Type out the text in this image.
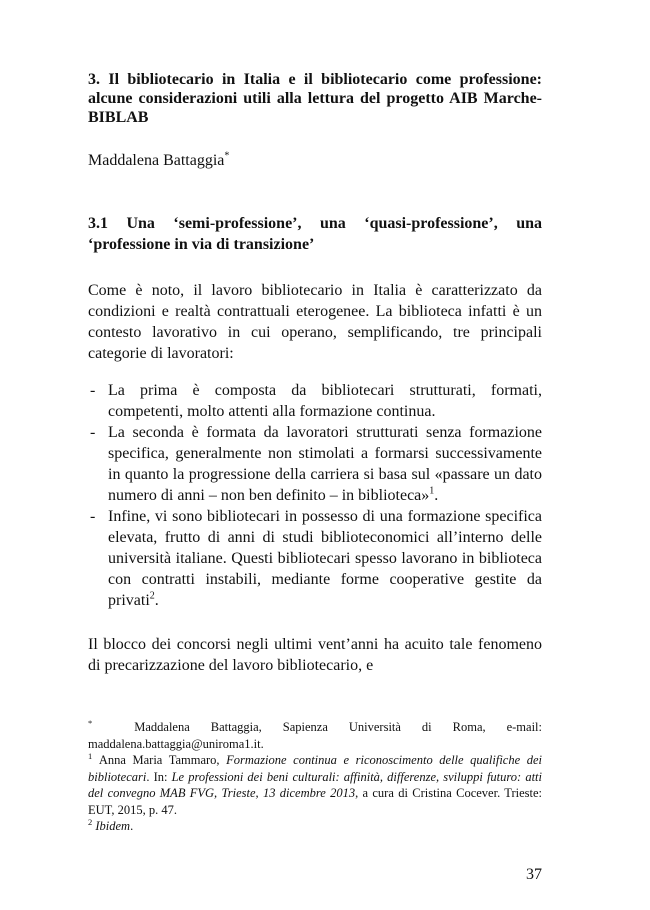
3. Il bibliotecario in Italia e il bibliotecario come professione: alcune considerazioni utili alla lettura del progetto AIB Marche-BIBLAB

Maddalena Battaggia*

3.1 Una ‘semi-professione’, una ‘quasi-professione’, una ‘professione in via di transizione’

Come è noto, il lavoro bibliotecario in Italia è caratterizzato da condizioni e realtà contrattuali eterogenee. La biblioteca infatti è un contesto lavorativo in cui operano, semplificando, tre principali categorie di lavoratori:

- La prima è composta da bibliotecari strutturati, formati, competenti, molto attenti alla formazione continua.
- La seconda è formata da lavoratori strutturati senza formazione specifica, generalmente non stimolati a formarsi successivamente in quanto la progressione della carriera si basa sul «passare un dato numero di anni – non ben definito – in biblioteca»$^1$.
- Infine, vi sono bibliotecari in possesso di una formazione specifica elevata, frutto di anni di studi biblioteconomici all’interno delle università italiane. Questi bibliotecari spesso lavorano in biblioteca con contratti instabili, mediante forme cooperative gestite da privati$^2$.

Il blocco dei concorsi negli ultimi vent’anni ha acuito tale fenomeno di precarizzazione del lavoro bibliotecario, e

*	Maddalena Battaggia, Sapienza Università di Roma, e-mail: maddalena.battaggia@uniroma1.it.

$^1$ Anna Maria Tammaro, Formazione continua e riconoscimento delle qualifiche dei bibliotecari. In: Le professioni dei beni culturali: affinità, differenze, sviluppi futuro: atti del convegno MAB FVG, Trieste, 13 dicembre 2013, a cura di Cristina Cocever. Trieste: EUT, 2015, p. 47.

$^2$ Ibidem.

37
